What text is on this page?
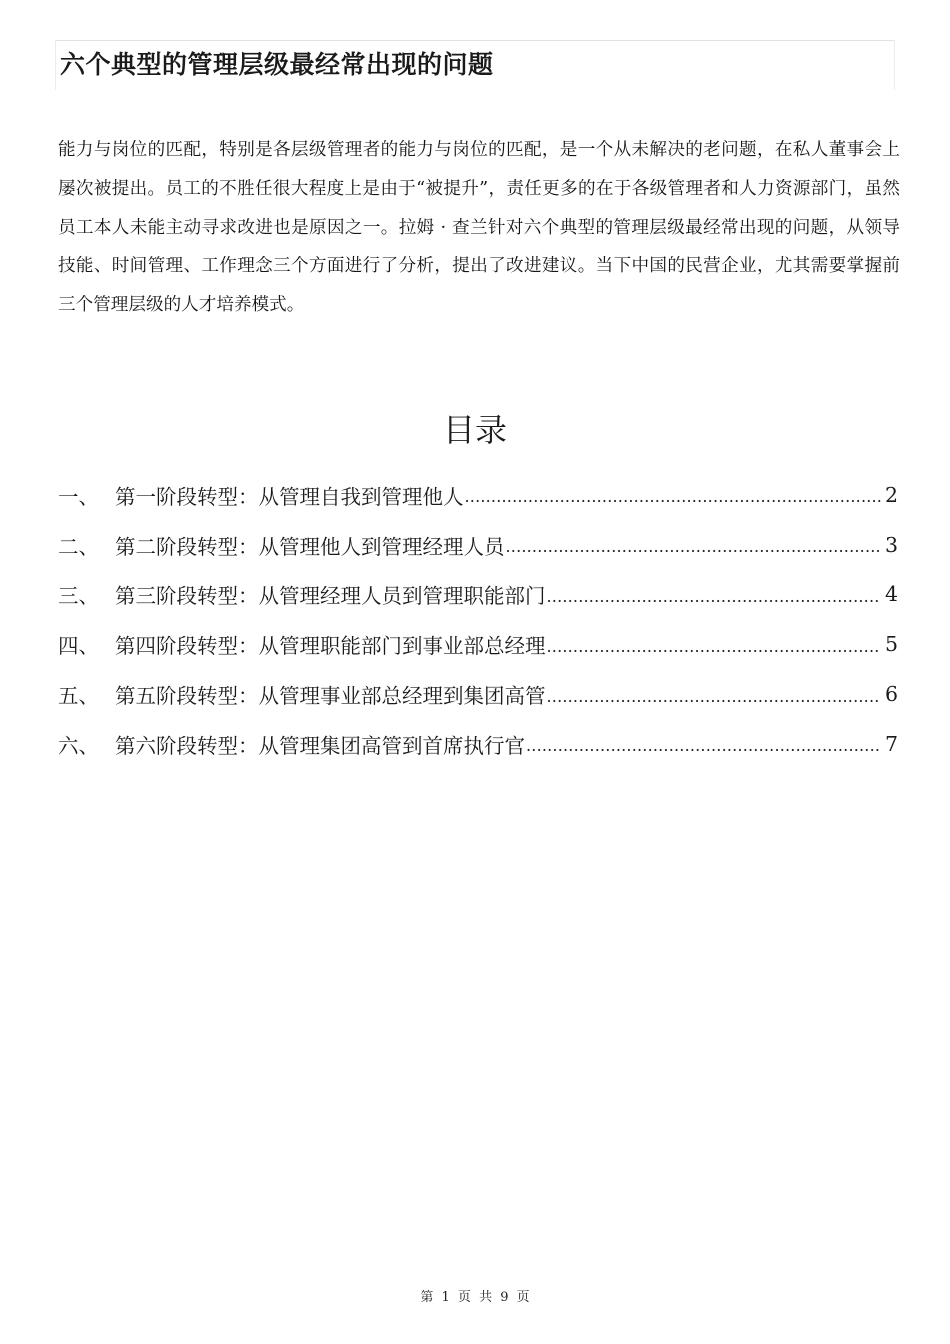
六个典型的管理层级最经常出现的问题

能力与岗位的匹配，特别是各层级管理者的能力与岗位的匹配，是一个从未解决的老问题，在私人董事会上屡次被提出。员工的不胜任很大程度上是由于“被提升”，责任更多的在于各级管理者和人力资源部门，虽然员工本人未能主动寻求改进也是原因之一。拉姆 · 查兰针对六个典型的管理层级最经常出现的问题，从领导技能、时间管理、工作理念三个方面进行了分析，提出了改进建议。当下中国的民营企业，尤其需要掌握前三个管理层级的人才培养模式。

目录
一、 第一阶段转型：从管理自我到管理他人 .....	2
二、 第二阶段转型：从管理他人到管理经理人员 .....	3
三、 第三阶段转型：从管理经理人员到管理职能部门 .....	4
四、 第四阶段转型：从管理职能部门到事业部总经理 .....	5
五、 第五阶段转型：从管理事业部总经理到集团高管 .....	6
六、 第六阶段转型：从管理集团高管到首席执行官 .....	7
第 1 页 共 9 页
